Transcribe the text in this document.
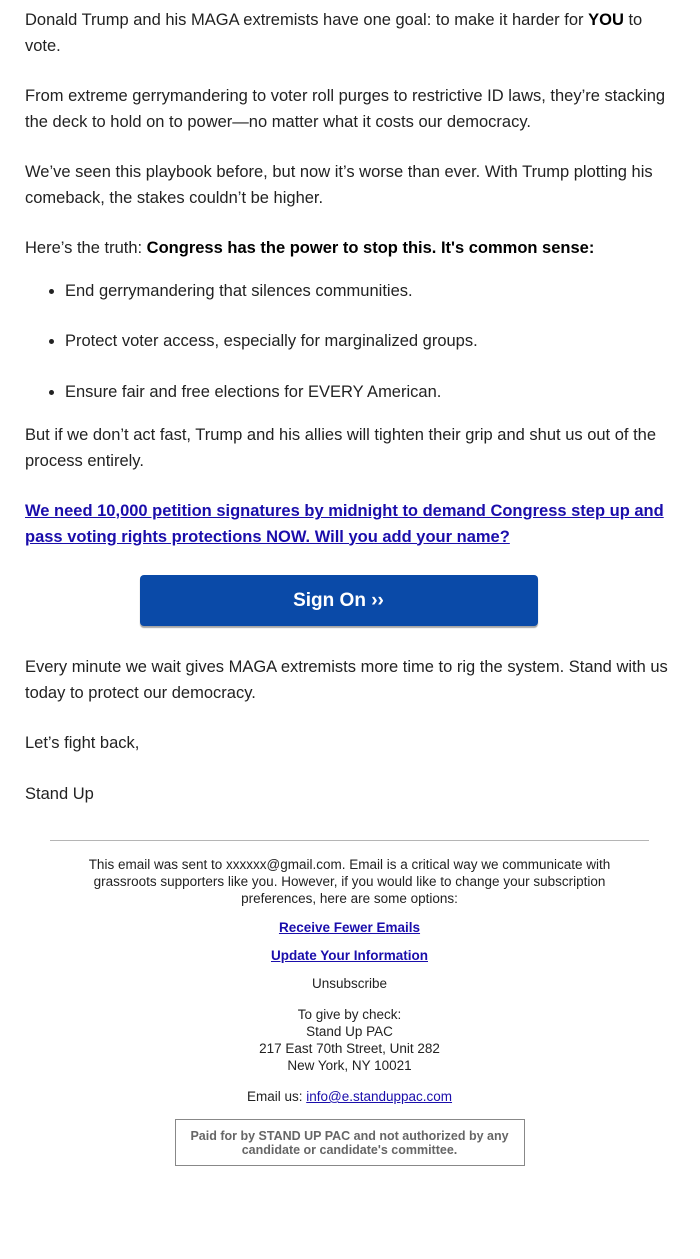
Donald Trump and his MAGA extremists have one goal: to make it harder for YOU to vote.

From extreme gerrymandering to voter roll purges to restrictive ID laws, they’re stacking the deck to hold on to power—no matter what it costs our democracy.

We’ve seen this playbook before, but now it’s worse than ever. With Trump plotting his comeback, the stakes couldn’t be higher.

Here’s the truth: Congress has the power to stop this. It's common sense:

• End gerrymandering that silences communities.
• Protect voter access, especially for marginalized groups.
• Ensure fair and free elections for EVERY American.

But if we don’t act fast, Trump and his allies will tighten their grip and shut us out of the process entirely.

We need 10,000 petition signatures by midnight to demand Congress step up and pass voting rights protections NOW. Will you add your name?

Sign On ››

Every minute we wait gives MAGA extremists more time to rig the system. Stand with us today to protect our democracy.

Let’s fight back,

Stand Up

This email was sent to xxxxxx@gmail.com. Email is a critical way we communicate with grassroots supporters like you. However, if you would like to change your subscription preferences, here are some options:
Receive Fewer Emails
Update Your Information
Unsubscribe
To give by check:
Stand Up PAC
217 East 70th Street, Unit 282
New York, NY 10021
Email us: info@e.standuppac.com
Paid for by STAND UP PAC and not authorized by any candidate or candidate's committee.
